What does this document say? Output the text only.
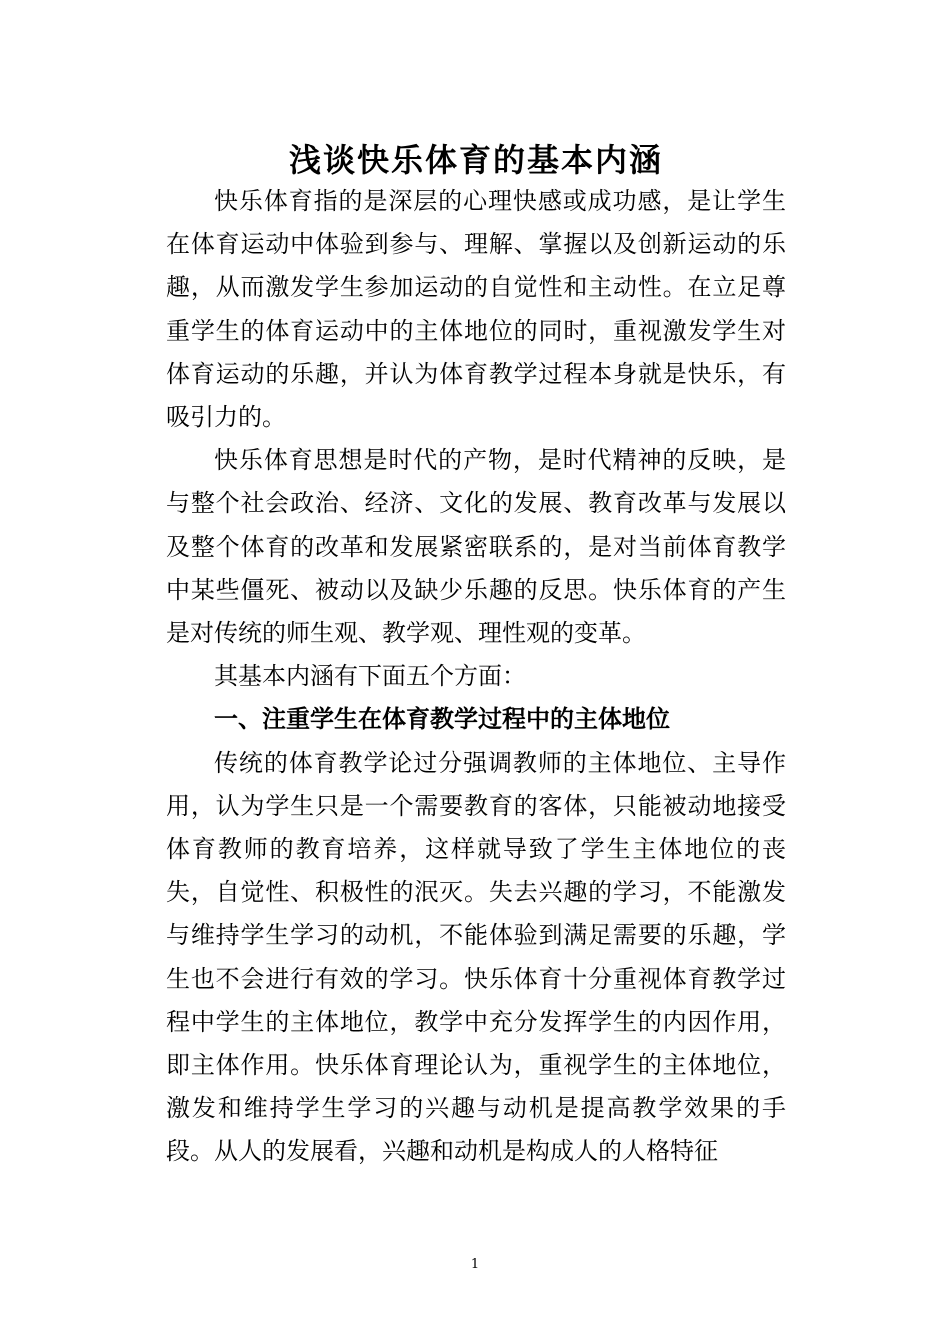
浅谈快乐体育的基本内涵

快乐体育指的是深层的心理快感或成功感，是让学生在体育运动中体验到参与、理解、掌握以及创新运动的乐趣，从而激发学生参加运动的自觉性和主动性。在立足尊重学生的体育运动中的主体地位的同时，重视激发学生对体育运动的乐趣，并认为体育教学过程本身就是快乐，有吸引力的。

快乐体育思想是时代的产物，是时代精神的反映，是与整个社会政治、经济、文化的发展、教育改革与发展以及整个体育的改革和发展紧密联系的，是对当前体育教学中某些僵死、被动以及缺少乐趣的反思。快乐体育的产生是对传统的师生观、教学观、理性观的变革。

其基本内涵有下面五个方面：

一、注重学生在体育教学过程中的主体地位

传统的体育教学论过分强调教师的主体地位、主导作用，认为学生只是一个需要教育的客体，只能被动地接受体育教师的教育培养，这样就导致了学生主体地位的丧失，自觉性、积极性的泯灭。失去兴趣的学习，不能激发与维持学生学习的动机，不能体验到满足需要的乐趣，学生也不会进行有效的学习。快乐体育十分重视体育教学过程中学生的主体地位，教学中充分发挥学生的内因作用，即主体作用。快乐体育理论认为，重视学生的主体地位，激发和维持学生学习的兴趣与动机是提高教学效果的手段。从人的发展看，兴趣和动机是构成人的人格特征

1
